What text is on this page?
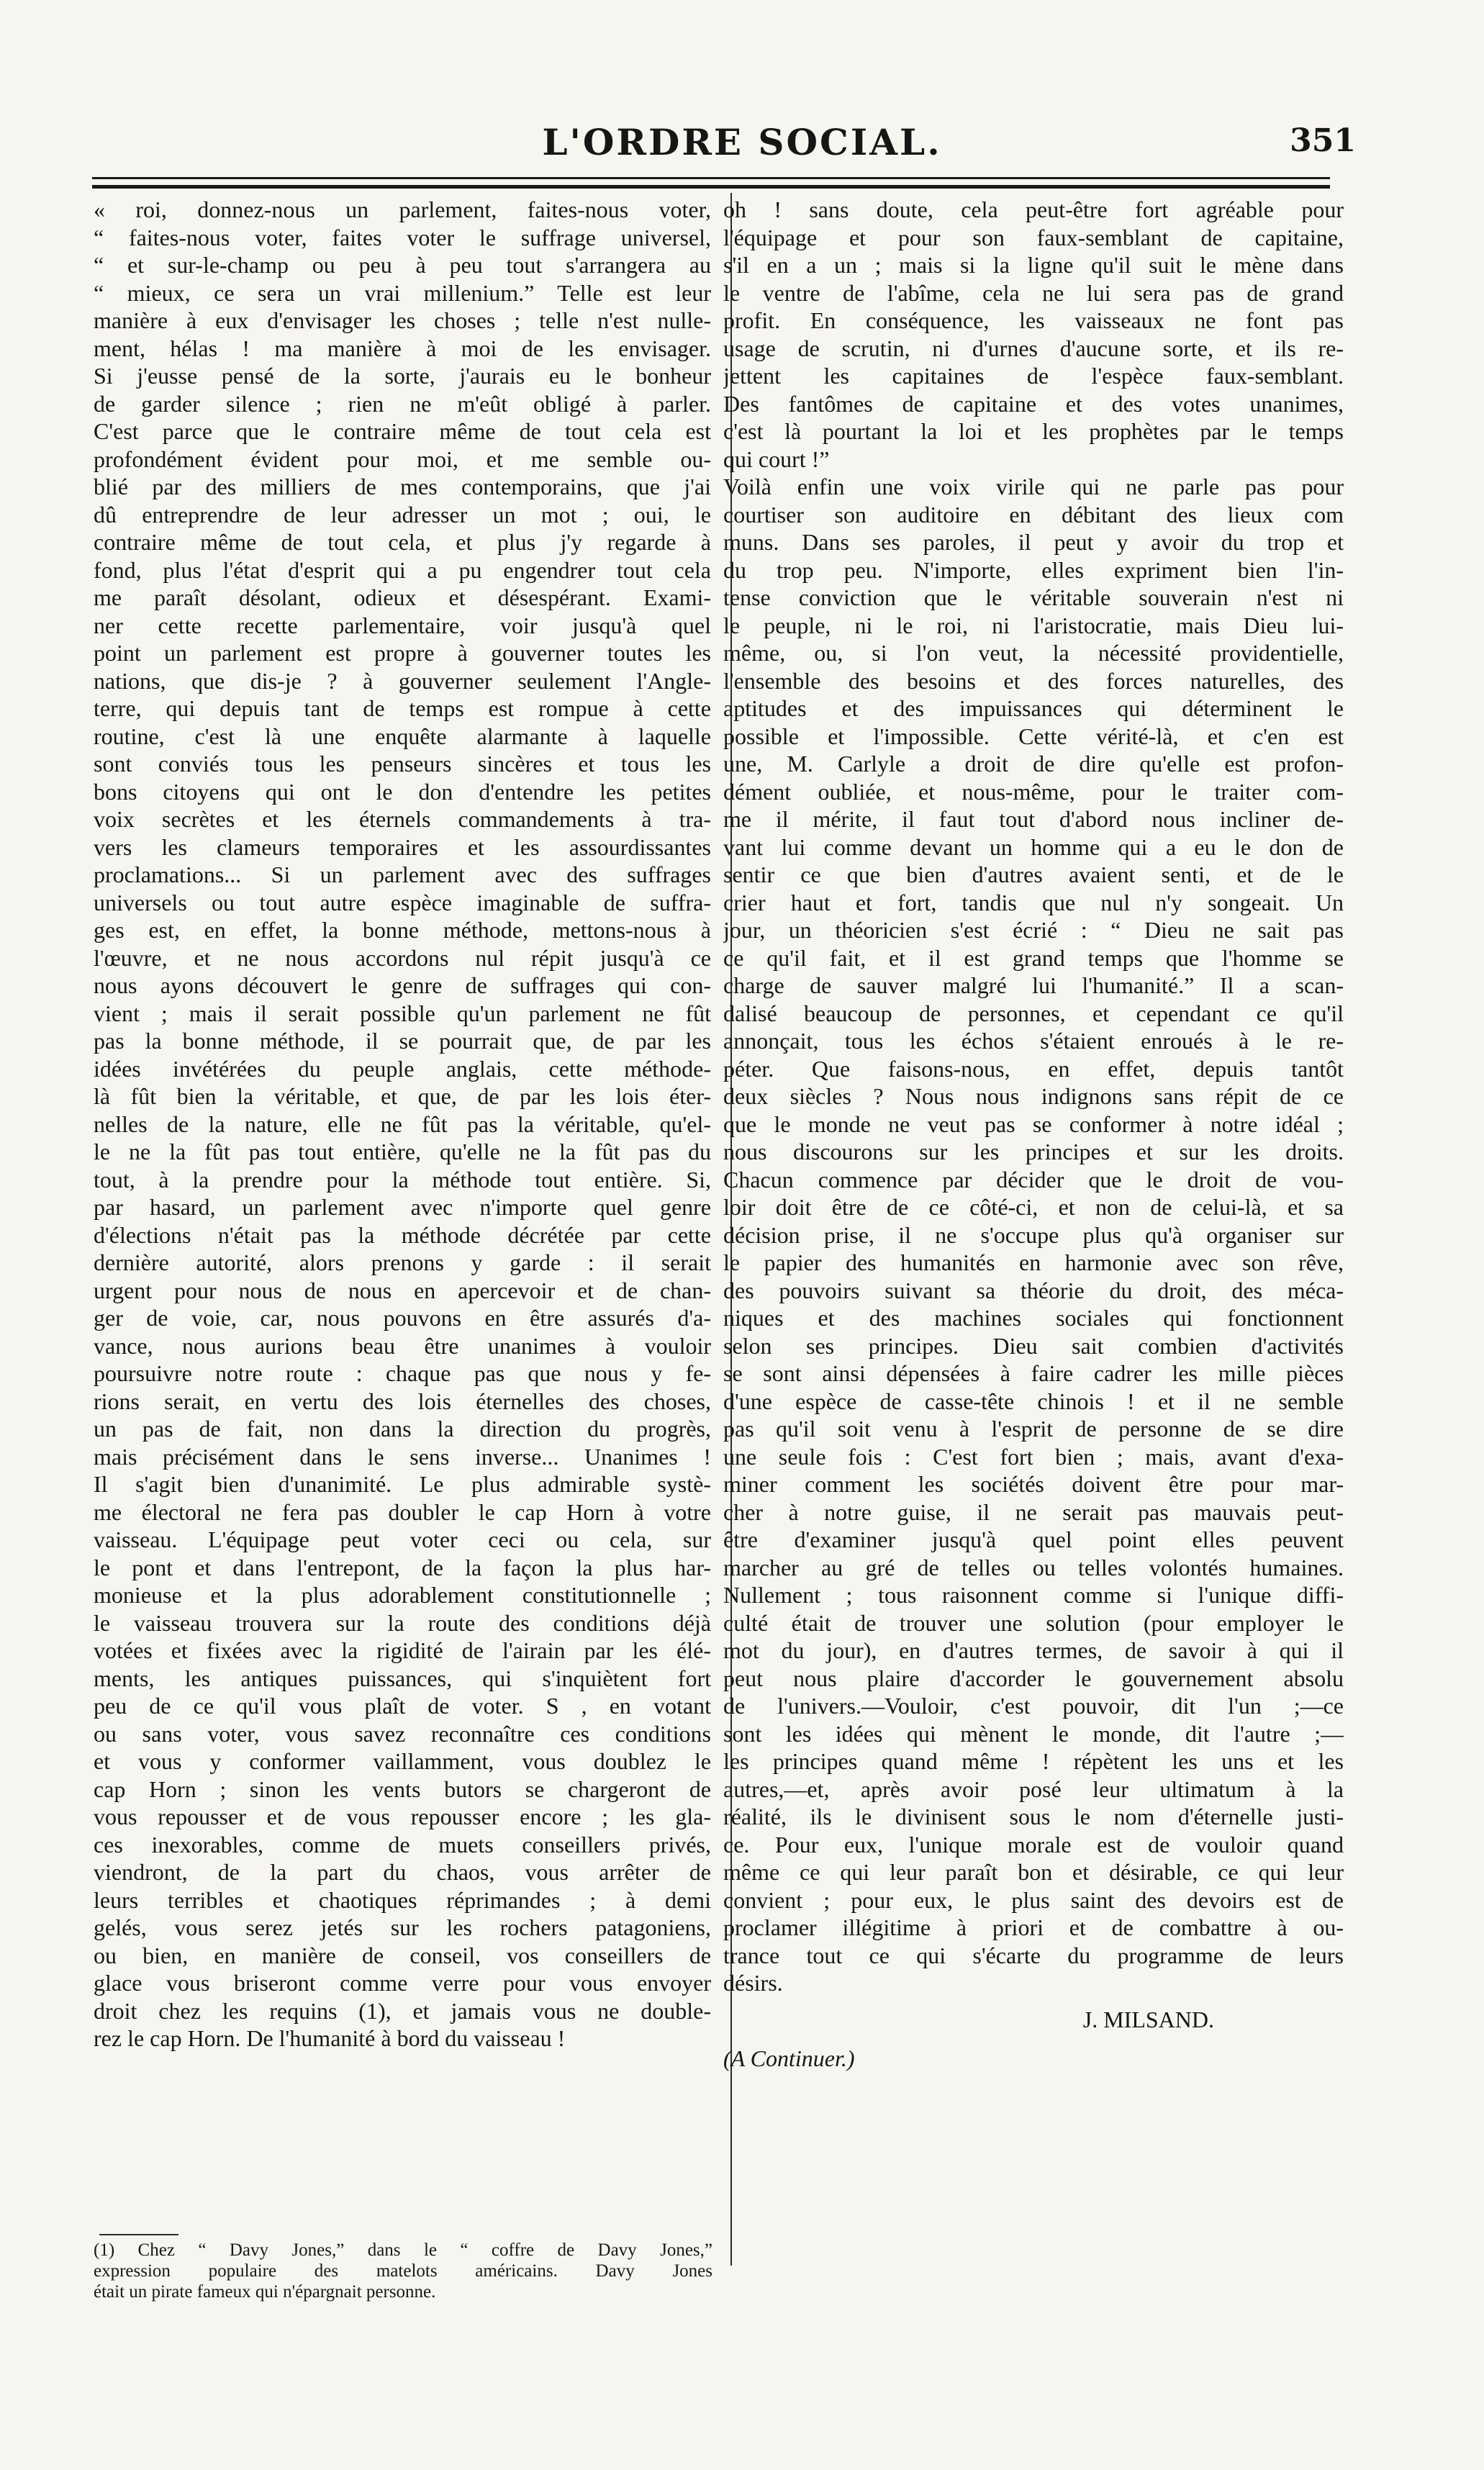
L'ORDRE SOCIAL.	351
« roi, donnez-nous un parlement, faites-nous voter,
“ faites-nous voter, faites voter le suffrage universel,
“ et sur-le-champ ou peu à peu tout s'arrangera au
“ mieux, ce sera un vrai millenium.” Telle est leur
manière à eux d'envisager les choses ; telle n'est nulle-
ment, hélas ! ma manière à moi de les envisager.
Si j'eusse pensé de la sorte, j'aurais eu le bonheur
de garder silence ; rien ne m'eût obligé à parler.
C'est parce que le contraire même de tout cela est
profondément évident pour moi, et me semble ou-
blié par des milliers de mes contemporains, que j'ai
dû entreprendre de leur adresser un mot ; oui, le
contraire même de tout cela, et plus j'y regarde à
fond, plus l'état d'esprit qui a pu engendrer tout cela
me paraît désolant, odieux et désespérant. Exami-
ner cette recette parlementaire, voir jusqu'à quel
point un parlement est propre à gouverner toutes les
nations, que dis-je ? à gouverner seulement l'Angle-
terre, qui depuis tant de temps est rompue à cette
routine, c'est là une enquête alarmante à laquelle
sont conviés tous les penseurs sincères et tous les
bons citoyens qui ont le don d'entendre les petites
voix secrètes et les éternels commandements à tra-
vers les clameurs temporaires et les assourdissantes
proclamations... Si un parlement avec des suffrages
universels ou tout autre espèce imaginable de suffra-
ges est, en effet, la bonne méthode, mettons-nous à
l'œuvre, et ne nous accordons nul répit jusqu'à ce
nous ayons découvert le genre de suffrages qui con-
vient ; mais il serait possible qu'un parlement ne fût
pas la bonne méthode, il se pourrait que, de par les
idées invétérées du peuple anglais, cette méthode-
là fût bien la véritable, et que, de par les lois éter-
nelles de la nature, elle ne fût pas la véritable, qu'el-
le ne la fût pas tout entière, qu'elle ne la fût pas du
tout, à la prendre pour la méthode tout entière. Si,
par hasard, un parlement avec n'importe quel genre
d'élections n'était pas la méthode décrétée par cette
dernière autorité, alors prenons y garde : il serait
urgent pour nous de nous en apercevoir et de chan-
ger de voie, car, nous pouvons en être assurés d'a-
vance, nous aurions beau être unanimes à vouloir
poursuivre notre route : chaque pas que nous y fe-
rions serait, en vertu des lois éternelles des choses,
un pas de fait, non dans la direction du progrès,
mais précisément dans le sens inverse... Unanimes !
Il s'agit bien d'unanimité. Le plus admirable systè-
me électoral ne fera pas doubler le cap Horn à votre
vaisseau. L'équipage peut voter ceci ou cela, sur
le pont et dans l'entrepont, de la façon la plus har-
monieuse et la plus adorablement constitutionnelle ;
le vaisseau trouvera sur la route des conditions déjà
votées et fixées avec la rigidité de l'airain par les élé-
ments, les antiques puissances, qui s'inquiètent fort
peu de ce qu'il vous plaît de voter. S , en votant
ou sans voter, vous savez reconnaître ces conditions
et vous y conformer vaillamment, vous doublez le
cap Horn ; sinon les vents butors se chargeront de
vous repousser et de vous repousser encore ; les gla-
ces inexorables, comme de muets conseillers privés,
viendront, de la part du chaos, vous arrêter de
leurs terribles et chaotiques réprimandes ; à demi
gelés, vous serez jetés sur les rochers patagoniens,
ou bien, en manière de conseil, vos conseillers de
glace vous briseront comme verre pour vous envoyer
droit chez les requins (1), et jamais vous ne double-
rez le cap Horn. De l'humanité à bord du vaisseau !
oh ! sans doute, cela peut-être fort agréable pour
l'équipage et pour son faux-semblant de capitaine,
s'il en a un ; mais si la ligne qu'il suit le mène dans
le ventre de l'abîme, cela ne lui sera pas de grand
profit. En conséquence, les vaisseaux ne font pas
usage de scrutin, ni d'urnes d'aucune sorte, et ils re-
jettent les capitaines de l'espèce faux-semblant.
Des fantômes de capitaine et des votes unanimes,
c'est là pourtant la loi et les prophètes par le temps
qui court !”
Voilà enfin une voix virile qui ne parle pas pour
courtiser son auditoire en débitant des lieux com
muns. Dans ses paroles, il peut y avoir du trop et
du trop peu. N'importe, elles expriment bien l'in-
tense conviction que le véritable souverain n'est ni
le peuple, ni le roi, ni l'aristocratie, mais Dieu lui-
même, ou, si l'on veut, la nécessité providentielle,
l'ensemble des besoins et des forces naturelles, des
aptitudes et des impuissances qui déterminent le
possible et l'impossible. Cette vérité-là, et c'en est
une, M. Carlyle a droit de dire qu'elle est profon-
dément oubliée, et nous-même, pour le traiter com-
me il mérite, il faut tout d'abord nous incliner de-
vant lui comme devant un homme qui a eu le don de
sentir ce que bien d'autres avaient senti, et de le
crier haut et fort, tandis que nul n'y songeait. Un
jour, un théoricien s'est écrié : “ Dieu ne sait pas
ce qu'il fait, et il est grand temps que l'homme se
charge de sauver malgré lui l'humanité.” Il a scan-
dalisé beaucoup de personnes, et cependant ce qu'il
annonçait, tous les échos s'étaient enroués à le re-
péter. Que faisons-nous, en effet, depuis tantôt
deux siècles ? Nous nous indignons sans répit de ce
que le monde ne veut pas se conformer à notre idéal ;
nous discourons sur les principes et sur les droits.
Chacun commence par décider que le droit de vou-
loir doit être de ce côté-ci, et non de celui-là, et sa
décision prise, il ne s'occupe plus qu'à organiser sur
le papier des humanités en harmonie avec son rêve,
des pouvoirs suivant sa théorie du droit, des méca-
niques et des machines sociales qui fonctionnent
selon ses principes. Dieu sait combien d'activités
se sont ainsi dépensées à faire cadrer les mille pièces
d'une espèce de casse-tête chinois ! et il ne semble
pas qu'il soit venu à l'esprit de personne de se dire
une seule fois : C'est fort bien ; mais, avant d'exa-
miner comment les sociétés doivent être pour mar-
cher à notre guise, il ne serait pas mauvais peut-
être d'examiner jusqu'à quel point elles peuvent
marcher au gré de telles ou telles volontés humaines.
Nullement ; tous raisonnent comme si l'unique diffi-
culté était de trouver une solution (pour employer le
mot du jour), en d'autres termes, de savoir à qui il
peut nous plaire d'accorder le gouvernement absolu
de l'univers.—Vouloir, c'est pouvoir, dit l'un ;—ce
sont les idées qui mènent le monde, dit l'autre ;—
les principes quand même ! répètent les uns et les
autres,—et, après avoir posé leur ultimatum à la
réalité, ils le divinisent sous le nom d'éternelle justi-
ce. Pour eux, l'unique morale est de vouloir quand
même ce qui leur paraît bon et désirable, ce qui leur
convient ; pour eux, le plus saint des devoirs est de
proclamer illégitime à priori et de combattre à ou-
trance tout ce qui s'écarte du programme de leurs
désirs.
J. MILSAND.
(A Continuer.)
(1) Chez “ Davy Jones,” dans le “ coffre de Davy Jones,”
expression populaire des matelots américains. Davy Jones
était un pirate fameux qui n'épargnait personne.
